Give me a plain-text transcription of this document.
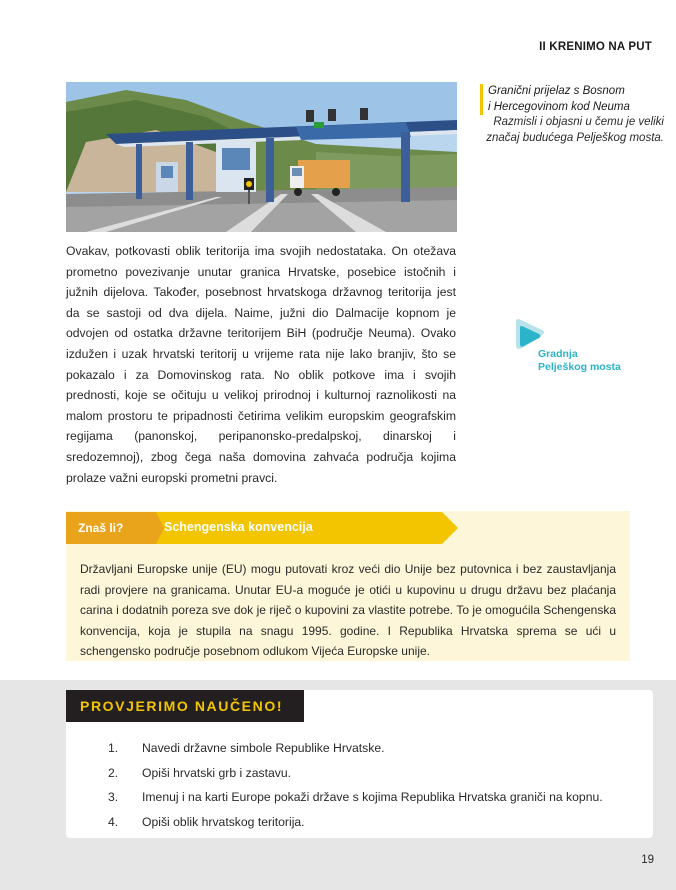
II KRENIMO NA PUT
Granični prijelaz s Bosnom
i Hercegovinom kod Neuma
Razmisli i objasni u čemu je veliki
značaj budućega Pelješkog mosta.

Ovakav, potkovasti oblik teritorija ima svojih nedostataka. On otežava prometno povezivanje unutar granica Hrvatske, posebice istočnih i južnih dijelova. Također, posebnost hrvatskoga državnog teritorija jest da se sastoji od dva dijela. Naime, južni dio Dalmacije kopnom je odvojen od ostatka državne teritorijem BiH (područje Neuma). Ovako izdužen i uzak hrvatski teritorij u vrijeme rata nije lako branjiv, što se pokazalo i za Domovinskog rata. No oblik potkove ima i svojih prednosti, koje se očituju u velikoj prirodnoj i kulturnoj raznolikosti na malom prostoru te pripadnosti četirima velikim europskim geografskim regijama (panonskoj, peripanonsko-predalpskoj, dinarskoj i sredozemnoj), zbog čega naša domovina zahvaća područja kojima prolaze važni europski prometni pravci.

Gradnja
Pelješkog mosta
Znaš li?	Schengenska konvencija

Državljani Europske unije (EU) mogu putovati kroz veći dio Unije bez putovnica i bez zaustavljanja radi provjere na granicama. Unutar EU-a moguće je otići u kupovinu u drugu državu bez plaćanja carina i dodatnih poreza sve dok je riječ o kupovini za vlastite potrebe. To je omogućila Schengenska konvencija, koja je stupila na snagu 1995. godine. I Republika Hrvatska sprema se ući u schengensko područje posebnom odlukom Vijeća Europske unije.

PROVJERIMO NAUČENO!
1.	Navedi državne simbole Republike Hrvatske.
2.	Opiši hrvatski grb i zastavu.
3.	Imenuj i na karti Europe pokaži države s kojima Republika Hrvatska graniči na kopnu.
4.	Opiši oblik hrvatskog teritorija.
19
